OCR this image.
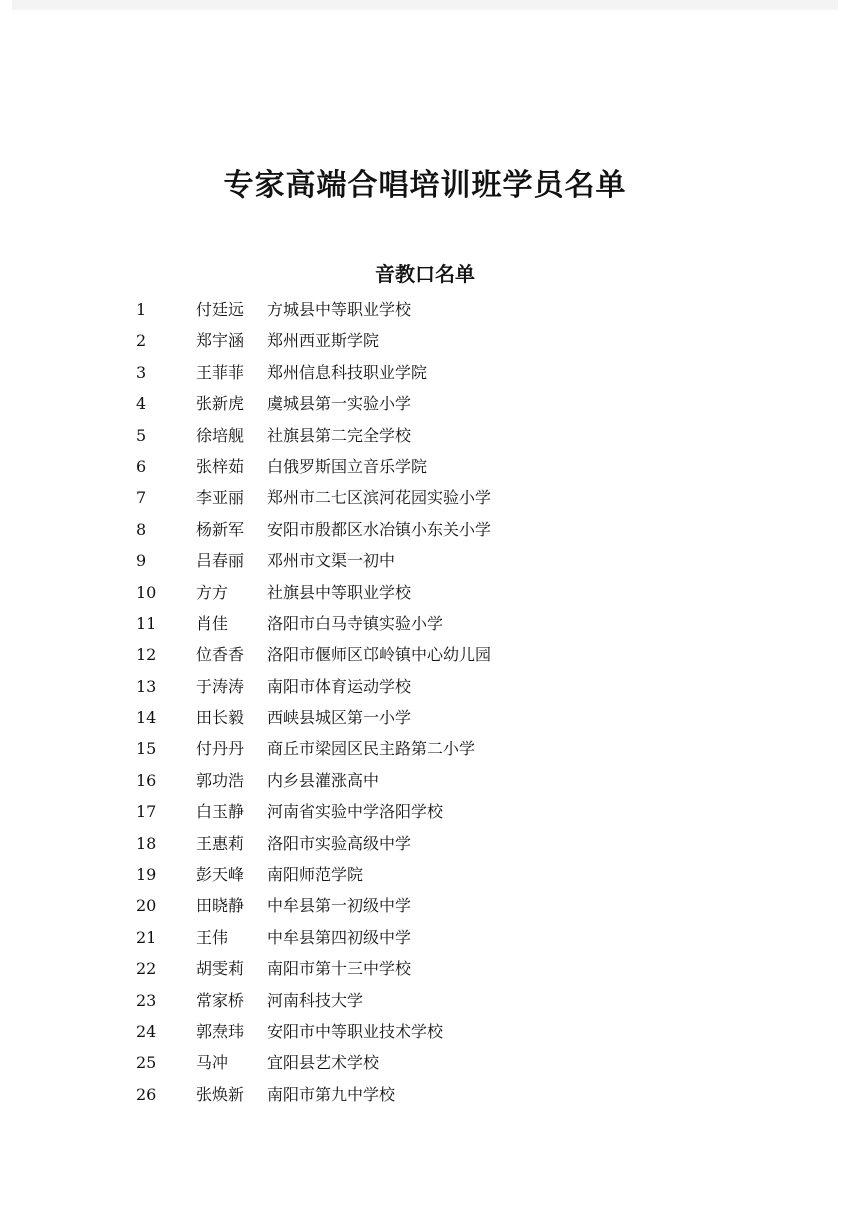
专家高端合唱培训班学员名单
音教口名单
1	付廷远 方城县中等职业学校
2	郑宇涵 郑州西亚斯学院
3	王菲菲 郑州信息科技职业学院
4	张新虎 虞城县第一实验小学
5	徐培舰 社旗县第二完全学校
6	张梓茹 白俄罗斯国立音乐学院
7	李亚丽 郑州市二七区滨河花园实验小学
8	杨新军 安阳市殷都区水冶镇小东关小学
9	吕春丽 邓州市文渠一初中
10 方方 社旗县中等职业学校
11 肖佳 洛阳市白马寺镇实验小学
12 位香香 洛阳市偃师区邙岭镇中心幼儿园
13 于涛涛 南阳市体育运动学校
14 田长毅 西峡县城区第一小学
15 付丹丹 商丘市梁园区民主路第二小学
16 郭功浩 内乡县灌涨高中
17 白玉静 河南省实验中学洛阳学校
18 王惠莉 洛阳市实验高级中学
19 彭天峰 南阳师范学院
20 田晓静 中牟县第一初级中学
21 王伟 中牟县第四初级中学
22 胡雯莉 南阳市第十三中学校
23 常家桥 河南科技大学
24 郭焘玮 安阳市中等职业技术学校
25 马冲 宜阳县艺术学校
26 张焕新 南阳市第九中学校
